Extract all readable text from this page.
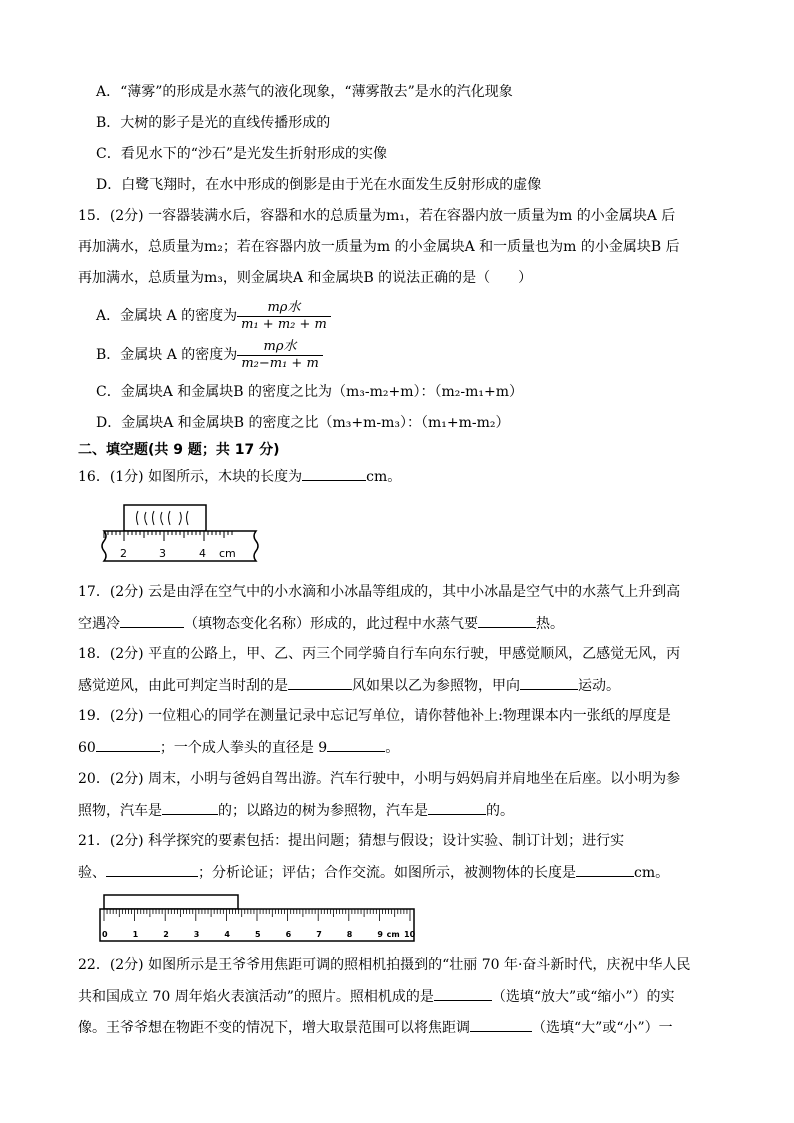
A．“薄雾”的形成是水蒸气的液化现象，“薄雾散去”是水的汽化现象
B．大树的影子是光的直线传播形成的
C．看见水下的“沙石”是光发生折射形成的实像
D．白鹭飞翔时，在水中形成的倒影是由于光在水面发生反射形成的虚像
15．(2分) 一容器装满水后，容器和水的总质量为m₁，若在容器内放一质量为m 的小金属块A 后
再加满水，总质量为m₂；若在容器内放一质量为m 的小金属块A 和一质量也为m 的小金属块B 后
再加满水，总质量为m₃，则金属块A 和金属块B 的说法正确的是（　　）
A．金属块 A 的密度为 $\frac{\text{mρ水}}{\text{m₁ + m₂ + m}}$
B．金属块 A 的密度为 $\frac{\text{mρ水}}{\text{m₂−m₁ + m}}$
C．金属块A 和金属块B 的密度之比为（m₃-m₂+m）：（m₂-m₁+m）
D．金属块A 和金属块B 的密度之比（m₃+m-m₃）：（m₁+m-m₂）
二、填空题(共 9 题；共 17 分)
16．(1分) 如图所示，木块的长度为	cm。
2	3	4 cm
17．(2分) 云是由浮在空气中的小水滴和小冰晶等组成的，其中小冰晶是空气中的水蒸气上升到高
空遇冷	（填物态变化名称）形成的，此过程中水蒸气要	热。
18．(2分) 平直的公路上，甲、乙、丙三个同学骑自行车向东行驶，甲感觉顺风，乙感觉无风，丙
感觉逆风，由此可判定当时刮的是	风如果以乙为参照物，甲向	运动。
19．(2分) 一位粗心的同学在测量记录中忘记写单位，请你替他补上:物理课本内一张纸的厚度是
60	；一个成人拳头的直径是 9	。
20．(2分) 周末，小明与爸妈自驾出游。汽车行驶中，小明与妈妈肩并肩地坐在后座。以小明为参
照物，汽车是	的；以路边的树为参照物，汽车是	的。
21．(2分) 科学探究的要素包括：提出问题；猜想与假设；设计实验、制订计划；进行实
验、	；分析论证；评估；合作交流。如图所示，被测物体的长度是	cm。
0	1	2	3	4	5	6	7	8	9 cm 10
22．(2分) 如图所示是王爷爷用焦距可调的照相机拍摄到的“壮丽 70 年·奋斗新时代，庆祝中华人民
共和国成立 70 周年焰火表演活动”的照片。照相机成的是	（选填“放大”或“缩小”）的实
像。王爷爷想在物距不变的情况下，增大取景范围可以将焦距调	（选填“大”或“小”）一
